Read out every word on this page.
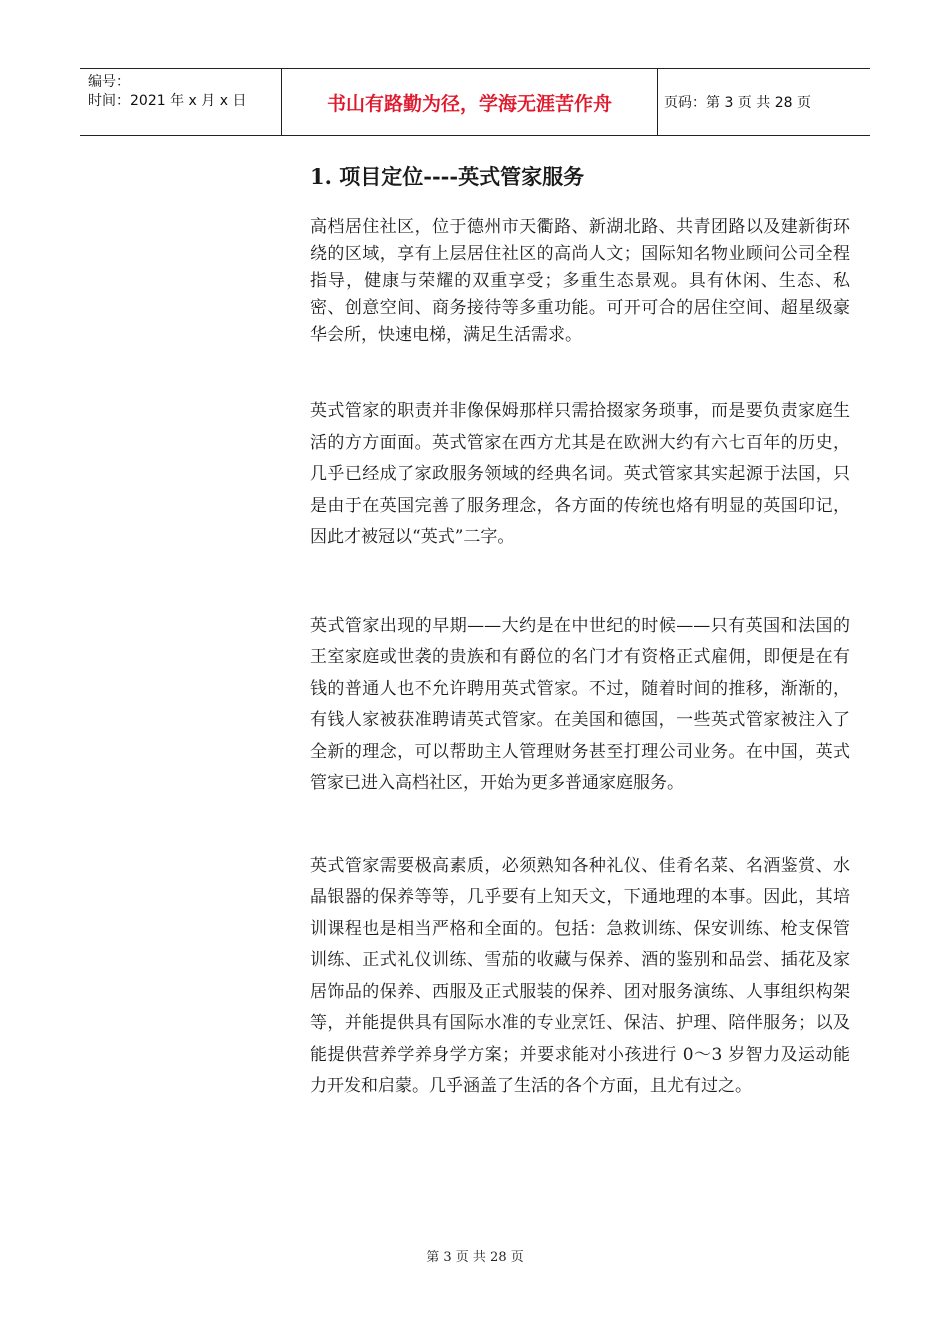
编号：
时间：2021 年 x 月 x 日	书山有路勤为径，学海无涯苦作舟	页码：第 3 页 共 28 页
1. 项目定位----英式管家服务

高档居住社区，位于德州市天衢路、新湖北路、共青团路以及建新街环绕的区域，享有上层居住社区的高尚人文；国际知名物业顾问公司全程指导，健康与荣耀的双重享受；多重生态景观。具有休闲、生态、私密、创意空间、商务接待等多重功能。可开可合的居住空间、超星级豪华会所，快速电梯，满足生活需求。

英式管家的职责并非像保姆那样只需拾掇家务琐事，而是要负责家庭生活的方方面面。英式管家在西方尤其是在欧洲大约有六七百年的历史，几乎已经成了家政服务领域的经典名词。英式管家其实起源于法国，只是由于在英国完善了服务理念，各方面的传统也烙有明显的英国印记，因此才被冠以“英式”二字。

英式管家出现的早期——大约是在中世纪的时候——只有英国和法国的王室家庭或世袭的贵族和有爵位的名门才有资格正式雇佣，即便是在有钱的普通人也不允许聘用英式管家。不过，随着时间的推移，渐渐的，有钱人家被获准聘请英式管家。在美国和德国，一些英式管家被注入了全新的理念，可以帮助主人管理财务甚至打理公司业务。在中国，英式管家已进入高档社区，开始为更多普通家庭服务。

英式管家需要极高素质，必须熟知各种礼仪、佳肴名菜、名酒鉴赏、水晶银器的保养等等，几乎要有上知天文，下通地理的本事。因此，其培训课程也是相当严格和全面的。包括：急救训练、保安训练、枪支保管训练、正式礼仪训练、雪茄的收藏与保养、酒的鉴别和品尝、插花及家居饰品的保养、西服及正式服装的保养、团对服务演练、人事组织构架等，并能提供具有国际水准的专业烹饪、保洁、护理、陪伴服务；以及能提供营养学养身学方案；并要求能对小孩进行 0～3 岁智力及运动能力开发和启蒙。几乎涵盖了生活的各个方面，且尤有过之。

第 3 页 共 28 页
